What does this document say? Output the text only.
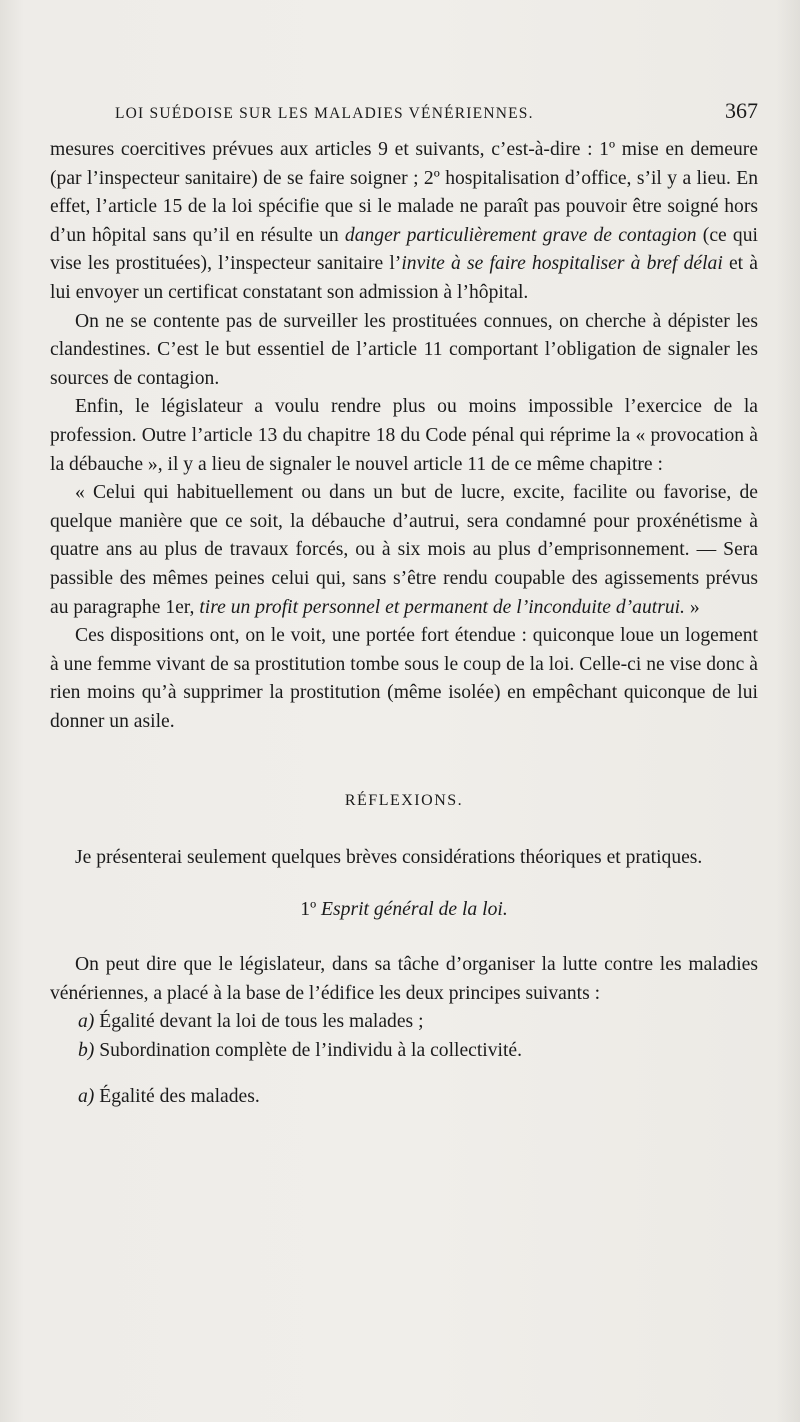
LOI SUÉDOISE SUR LES MALADIES VÉNÉRIENNES.	367

mesures coercitives prévues aux articles 9 et suivants, c’est-à-dire : 1º mise en demeure (par l’inspecteur sanitaire) de se faire soigner ; 2º hospitalisation d’office, s’il y a lieu. En effet, l’article 15 de la loi spécifie que si le malade ne paraît pas pouvoir être soigné hors d’un hôpital sans qu’il en résulte un danger particulièrement grave de contagion (ce qui vise les prostituées), l’inspecteur sanitaire l’invite à se faire hospitaliser à bref délai et à lui envoyer un certificat constatant son admission à l’hôpital.

On ne se contente pas de surveiller les prostituées connues, on cherche à dépister les clandestines. C’est le but essentiel de l’article 11 comportant l’obligation de signaler les sources de contagion.

Enfin, le législateur a voulu rendre plus ou moins impossible l’exercice de la profession. Outre l’article 13 du chapitre 18 du Code pénal qui réprime la « provocation à la débauche », il y a lieu de signaler le nouvel article 11 de ce même chapitre :

« Celui qui habituellement ou dans un but de lucre, excite, facilite ou favorise, de quelque manière que ce soit, la débauche d’autrui, sera condamné pour proxénétisme à quatre ans au plus de travaux forcés, ou à six mois au plus d’emprisonnement. — Sera passible des mêmes peines celui qui, sans s’être rendu coupable des agissements prévus au paragraphe 1er, tire un profit personnel et permanent de l’inconduite d’autrui. »

Ces dispositions ont, on le voit, une portée fort étendue : quiconque loue un logement à une femme vivant de sa prostitution tombe sous le coup de la loi. Celle-ci ne vise donc à rien moins qu’à supprimer la prostitution (même isolée) en empêchant quiconque de lui donner un asile.

RÉFLEXIONS.

Je présenterai seulement quelques brèves considérations théoriques et pratiques.

1º Esprit général de la loi.

On peut dire que le législateur, dans sa tâche d’organiser la lutte contre les maladies vénériennes, a placé à la base de l’édifice les deux principes suivants :

a) Égalité devant la loi de tous les malades ;
b) Subordination complète de l’individu à la collectivité.
a) Égalité des malades.
